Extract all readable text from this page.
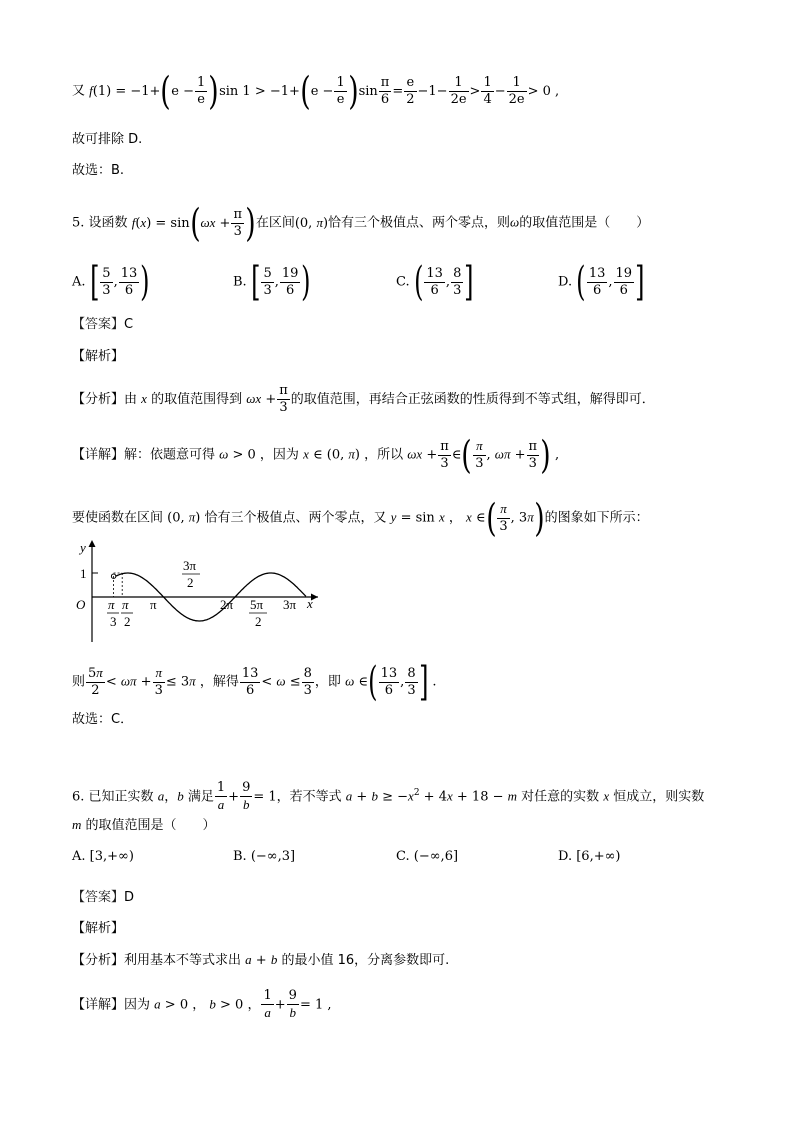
又 $f(1) = -1+(e - \frac{1}{e} )\sin$ $1 > -1+(e - \frac{1}{e} )\sin \frac{\pi}{6} = \frac{e}{2} -1- \frac{1}{2e} > \frac{1}{4} - \frac{1}{2e} > 0$ ,
故可排除 D.
故选：B.
5. 设函数 $f(x) = \sin(\omega x + \frac{\pi}{3}$ )在区间(0, π)恰有三个极值点、两个零点，则ω的取值范围是（　　）
A. [ $\frac{5}{3}$ , $\frac{13}{6}$ )	B. [ $\frac{5}{3}$ , $\frac{19}{6}$ )	C. ( $\frac{13}{6}$ , $\frac{8}{3}$ ]	D. ( $\frac{13}{6}$ , $\frac{19}{6}$ ]
【答案】C
【解析】
【分析】由 x 的取值范围得到 $\omega x + \frac{\pi}{3}$ 的取值范围，再结合正弦函数的性质得到不等式组，解得即可．
【详解】解：依题意可得 ω > 0 ，因为 x ∈ (0, π) ，所以 $\omega x + \frac{\pi}{3}$ ∈( $\frac{\pi}{3}$ , $\omega\pi + \frac{\pi}{3}$ ) ,
要使函数在区间 (0, π) 恰有三个极值点、两个零点，又 y = sin x ， x ∈( $\frac{\pi}{3}$ , 3π)的图象如下所示：
y
x
O
1
π
3
π
2
π
3π
2
2π 5π
2
3π
则 $\frac{5\pi}{2} < \omega\pi + \frac{\pi}{3} \le 3\pi$ ，解得 $\frac{13}{6} < \omega \le \frac{8}{3}$ ，即 ω ∈( $\frac{13}{6}$ , $\frac{8}{3}$ ] .
故选：C．
6. 已知正实数 a，b 满足 $\frac{1}{a} + \frac{9}{b} = 1$，若不等式 $a + b \ge -x^2 + 4x + 18 - m$ 对任意的实数 x 恒成立，则实数
m 的取值范围是（　　）
A. [3,+∞)	B. (−∞,3]	C. (−∞,6]	D. [6,+∞)
【答案】D
【解析】
【分析】利用基本不等式求出 a + b 的最小值 16，分离参数即可.
【详解】因为 a > 0 ， b > 0 ， $\frac{1}{a} + \frac{9}{b} = 1$ ,
